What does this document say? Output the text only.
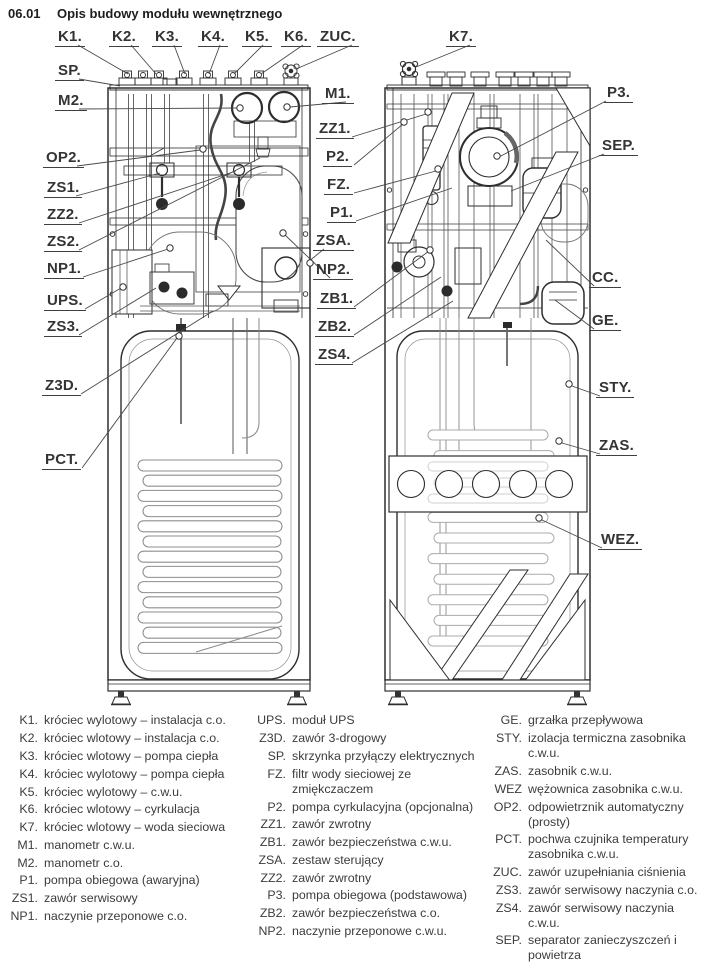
06.01 Opis budowy modułu wewnętrznego
K1. K2. K3. K4. K5. K6. ZUC.	K7.
SP.
M2.
OP2.
ZS1.
ZZ2.
ZS2.
NP1.
UPS.
ZS3.
Z3D.
PCT.
M1.
ZZ1.
P2.
FZ.
P1.
ZSA.
NP2.
ZB1.
ZB2.
ZS4.
P3.
SEP.
CC.
GE.
STY.
ZAS.
WEZ.
K1. króciec wylotowy – instalacja c.o.
K2. króciec wlotowy – instalacja c.o.
K3. króciec wlotowy – pompa ciepła
K4. króciec wylotowy – pompa ciepła
K5. króciec wylotowy – c.w.u.
K6. króciec wlotowy – cyrkulacja
K7. króciec wlotowy – woda sieciowa
M1. manometr c.w.u.
M2. manometr c.o.
P1. pompa obiegowa (awaryjna)
ZS1. zawór serwisowy
NP1. naczynie przeponowe c.o.
UPS. moduł UPS
Z3D. zawór 3-drogowy
SP. skrzynka przyłączy elektrycznych
FZ. filtr wody sieciowej ze zmiękczaczem
P2. pompa cyrkulacyjna (opcjonalna)
ZZ1. zawór zwrotny
ZB1. zawór bezpieczeństwa c.w.u.
ZSA. zestaw sterujący
ZZ2. zawór zwrotny
P3. pompa obiegowa (podstawowa)
ZB2. zawór bezpieczeństwa c.o.
NP2. naczynie przeponowe c.w.u.
GE. grzałka przepływowa
STY. izolacja termiczna zasobnika c.w.u.
ZAS. zasobnik c.w.u.
WEZ wężownica zasobnika c.w.u.
OP2. odpowietrznik automatyczny (prosty)
PCT. pochwa czujnika temperatury zasobnika c.w.u.
ZUC. zawór uzupełniania ciśnienia
ZS3. zawór serwisowy naczynia c.o.
ZS4. zawór serwisowy naczynia c.w.u.
SEP. separator zanieczyszczeń i powietrza
